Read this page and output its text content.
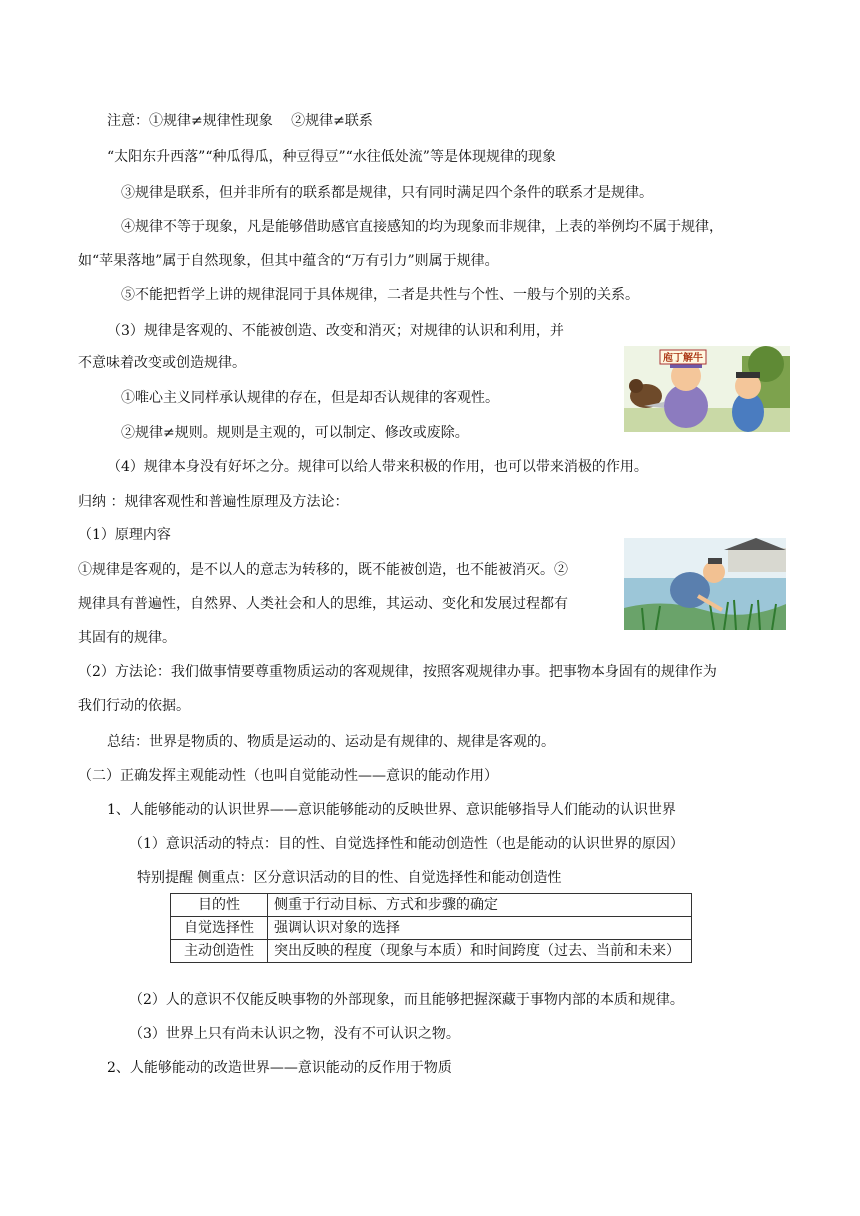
注意：①规律≠规律性现象　 ②规律≠联系
“太阳东升西落”“种瓜得瓜，种豆得豆”“水往低处流”等是体现规律的现象
③规律是联系，但并非所有的联系都是规律，只有同时满足四个条件的联系才是规律。
④规律不等于现象，凡是能够借助感官直接感知的均为现象而非规律，上表的举例均不属于规律，
如“苹果落地”属于自然现象，但其中蕴含的“万有引力”则属于规律。
⑤不能把哲学上讲的规律混同于具体规律，二者是共性与个性、一般与个别的关系。
（3）规律是客观的、不能被创造、改变和消灭；对规律的认识和利用，并
不意味着改变或创造规律。
①唯心主义同样承认规律的存在，但是却否认规律的客观性。
②规律≠规则。规则是主观的，可以制定、修改或废除。
（4）规律本身没有好坏之分。规律可以给人带来积极的作用，也可以带来消极的作用。
庖丁解牛
归纳 ：规律客观性和普遍性原理及方法论：
（1）原理内容
①规律是客观的，是不以人的意志为转移的，既不能被创造，也不能被消灭。②
规律具有普遍性，自然界、人类社会和人的思维，其运动、变化和发展过程都有
其固有的规律。
（2）方法论：我们做事情要尊重物质运动的客观规律，按照客观规律办事。把事物本身固有的规律作为
我们行动的依据。
总结：世界是物质的、物质是运动的、运动是有规律的、规律是客观的。
（二）正确发挥主观能动性（也叫自觉能动性——意识的能动作用）
1、人能够能动的认识世界——意识能够能动的反映世界、意识能够指导人们能动的认识世界
（1）意识活动的特点：目的性、自觉选择性和能动创造性（也是能动的认识世界的原因）
特别提醒 侧重点：区分意识活动的目的性、自觉选择性和能动创造性
目的性	侧重于行动目标、方式和步骤的确定
自觉选择性	强调认识对象的选择
主动创造性	突出反映的程度（现象与本质）和时间跨度（过去、当前和未来）
（2）人的意识不仅能反映事物的外部现象，而且能够把握深藏于事物内部的本质和规律。
（3）世界上只有尚未认识之物，没有不可认识之物。
2、人能够能动的改造世界——意识能动的反作用于物质
